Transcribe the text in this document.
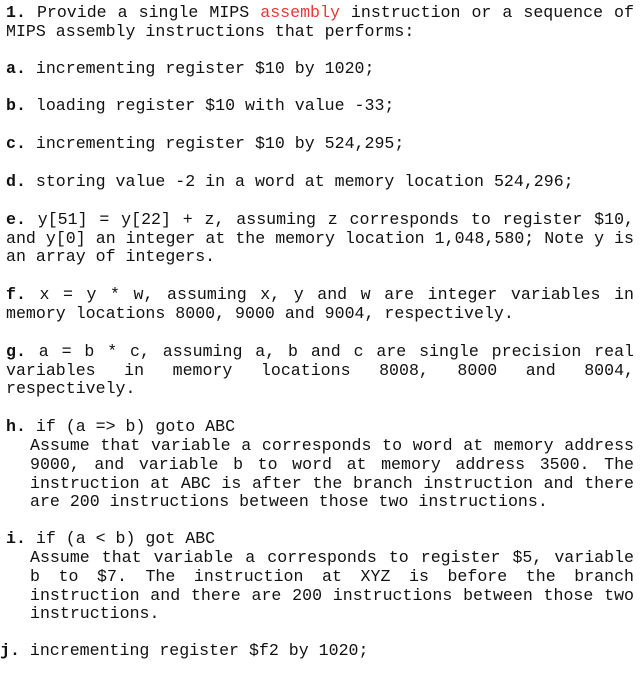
1. Provide a single MIPS assembly instruction or a sequence of MIPS assembly instructions that performs:
a. incrementing register $10 by 1020;
b. loading register $10 with value -33;
c. incrementing register $10 by 524,295;
d. storing value -2 in a word at memory location 524,296;
e. y[51] = y[22] + z, assuming z corresponds to register $10, and y[0] an integer at the memory location 1,048,580; Note y is an array of integers.
f. x = y * w, assuming x, y and w are integer variables in memory locations 8000, 9000 and 9004, respectively.
g. a = b * c, assuming a, b and c are single precision real variables in memory locations 8008, 8000 and 8004, respectively.
h. if (a => b) goto ABC
Assume that variable a corresponds to word at memory address 9000, and variable b to word at memory address 3500. The instruction at ABC is after the branch instruction and there are 200 instructions between those two instructions.
i. if (a < b) got ABC
Assume that variable a corresponds to register $5, variable b to $7. The instruction at XYZ is before the branch instruction and there are 200 instructions between those two instructions.
j. incrementing register $f2 by 1020;
